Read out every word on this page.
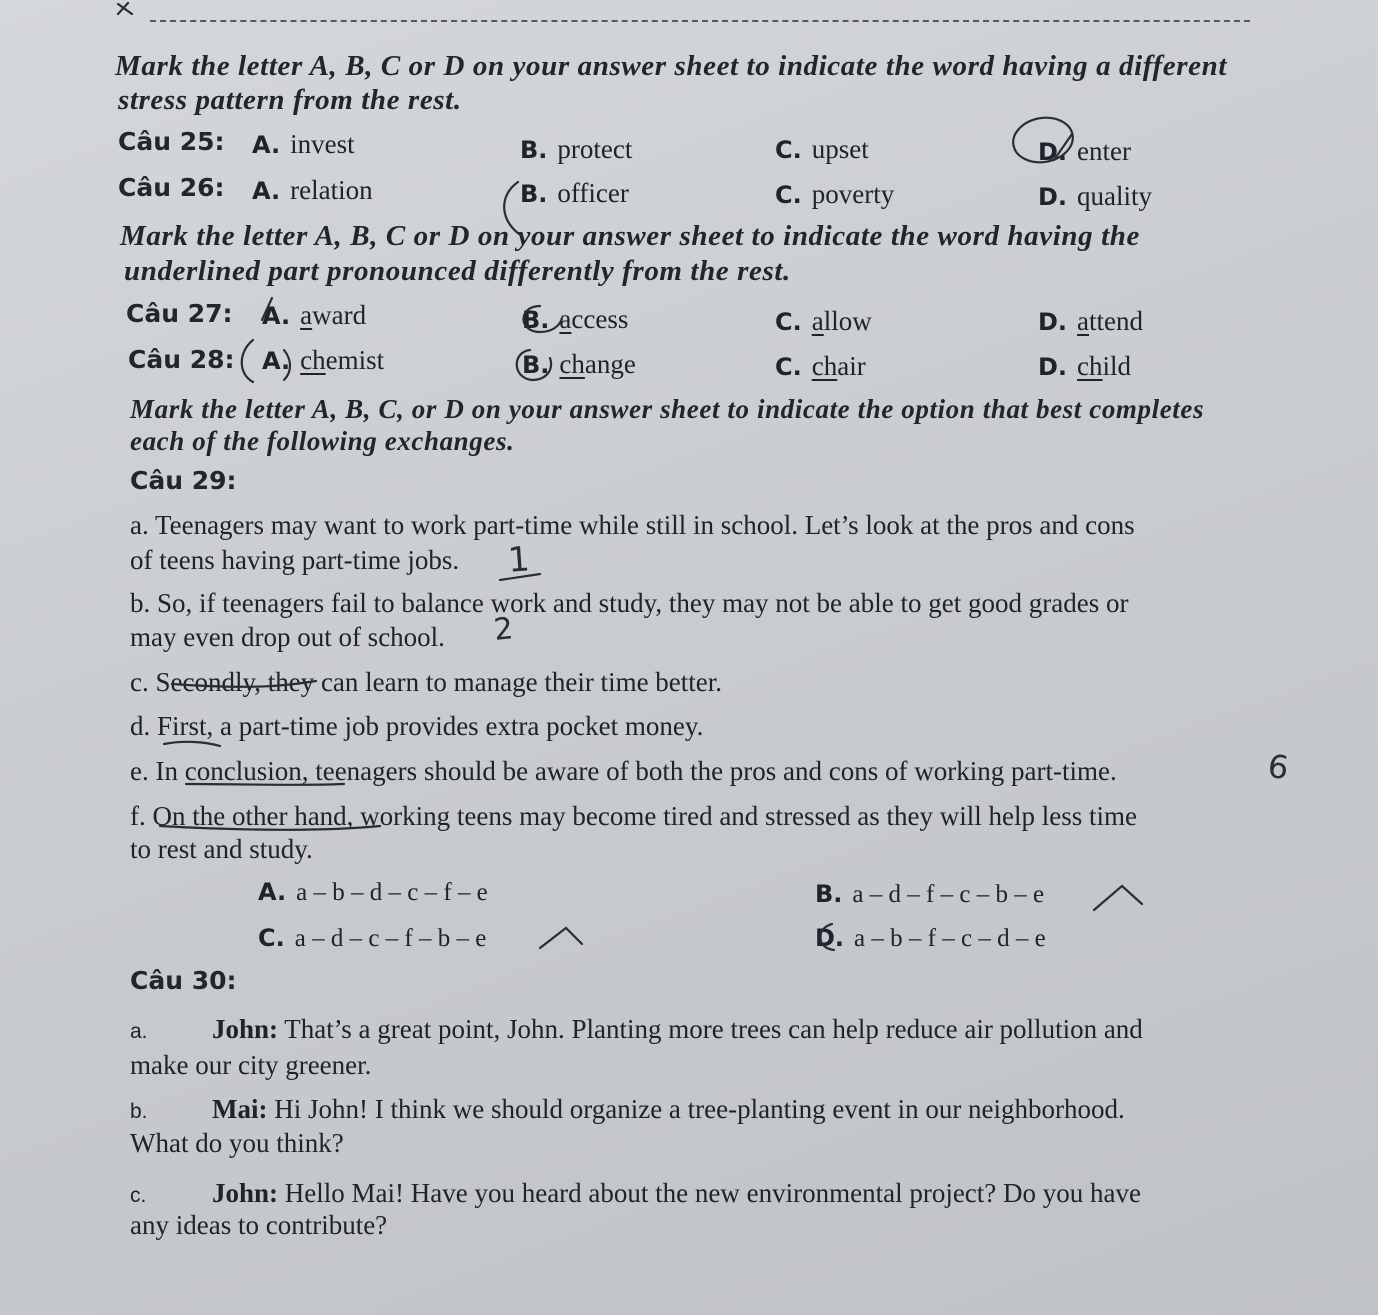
Mark the letter A, B, C or D on your answer sheet to indicate the word having a different
stress pattern from the rest.
Câu 25: A. invest	B. protect	C. upset	D. enter
Câu 26: A. relation	B. officer	C. poverty	D. quality
Mark the letter A, B, C or D on your answer sheet to indicate the word having the
underlined part pronounced differently from the rest.
Câu 27: A. award	B. access	C. allow	D. attend
Câu 28: A. chemist	B. change	C. chair	D. child
Mark the letter A, B, C, or D on your answer sheet to indicate the option that best completes
each of the following exchanges.
Câu 29:
a. Teenagers may want to work part-time while still in school. Let’s look at the pros and cons
of teens having part-time jobs.
b. So, if teenagers fail to balance work and study, they may not be able to get good grades or
may even drop out of school.
c. Secondly, they can learn to manage their time better.
d. First, a part-time job provides extra pocket money.
e. In conclusion, teenagers should be aware of both the pros and cons of working part-time.
f. On the other hand, working teens may become tired and stressed as they will help less time
to rest and study.
A. a – b – d – c – f – e	B. a – d – f – c – b – e
C. a – d – c – f – b – e	D. a – b – f – c – d – e
Câu 30:
a. John: That’s a great point, John. Planting more trees can help reduce air pollution and
make our city greener.
b. Mai: Hi John! I think we should organize a tree-planting event in our neighborhood.
What do you think?
c. John: Hello Mai! Have you heard about the new environmental project? Do you have
any ideas to contribute?
1
2
6
